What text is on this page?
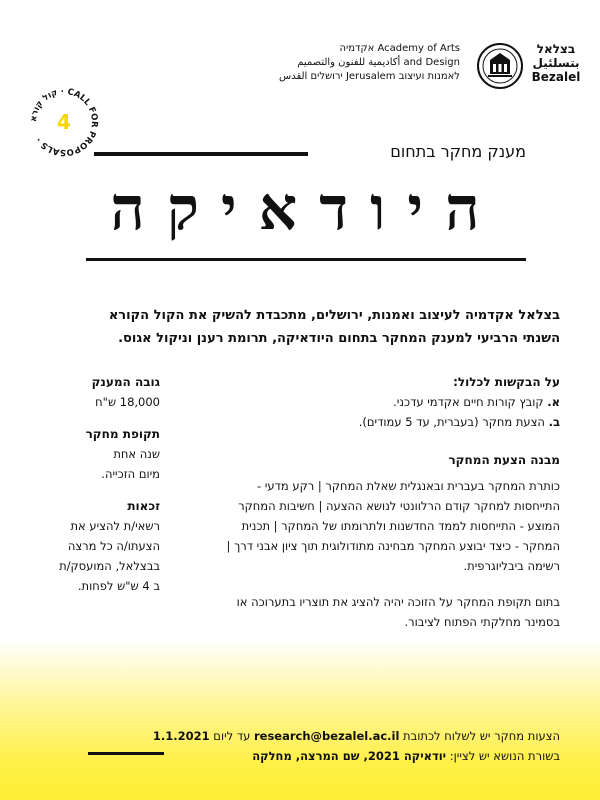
בצלאל
بتسلئيل
Bezalel
Academy of Arts אקדמיה
and Design أكاديمية للفنون والتصميم
לאמנות ועיצוב Jerusalem ירושלים القدس
קול קורא · CALL FOR PROPOSALS ·
4
מענק מחקר בתחום
היודאיקה
בצלאל אקדמיה לעיצוב ואמנות, ירושלים, מתכבדת להשיק את הקול הקורא
השנתי הרביעי למענק המחקר בתחום היודאיקה, תרומת רענן וניקול אגוס.

על הבקשות לכלול:

א. קובץ קורות חיים אקדמי עדכני.

ב. הצעת מחקר (בעברית, עד 5 עמודים).

מבנה הצעת המחקר

כותרת המחקר בעברית ובאנגלית שאלת המחקר | רקע מדעי -
התייחסות למחקר קודם הרלוונטי לנושא ההצעה | חשיבות המחקר
המוצע - התייחסות לממד החדשנות ולתרומתו של המחקר | תכנית
המחקר - כיצד יבוצע המחקר מבחינה מתודולוגית תוך ציון אבני דרך |
רשימה ביבליוגרפית.
בתום תקופת המחקר על הזוכה יהיה להציג את תוצריו בתערוכה או
בסמינר מחלקתי הפתוח לציבור.

גובה המענק

18,000 ש"ח

תקופת מחקר

שנה אחת
מיום הזכייה.

זכאות

רשאי/ת להציע את
הצעתו/ה כל מרצה
בבצלאל, המועסק/ת
ב 4 ש"ש לפחות.
הצעות מחקר יש לשלוח לכתובת research@bezalel.ac.il עד ליום 1.1.2021
בשורת הנושא יש לציין: יודאיקה 2021, שם המרצה, מחלקה
